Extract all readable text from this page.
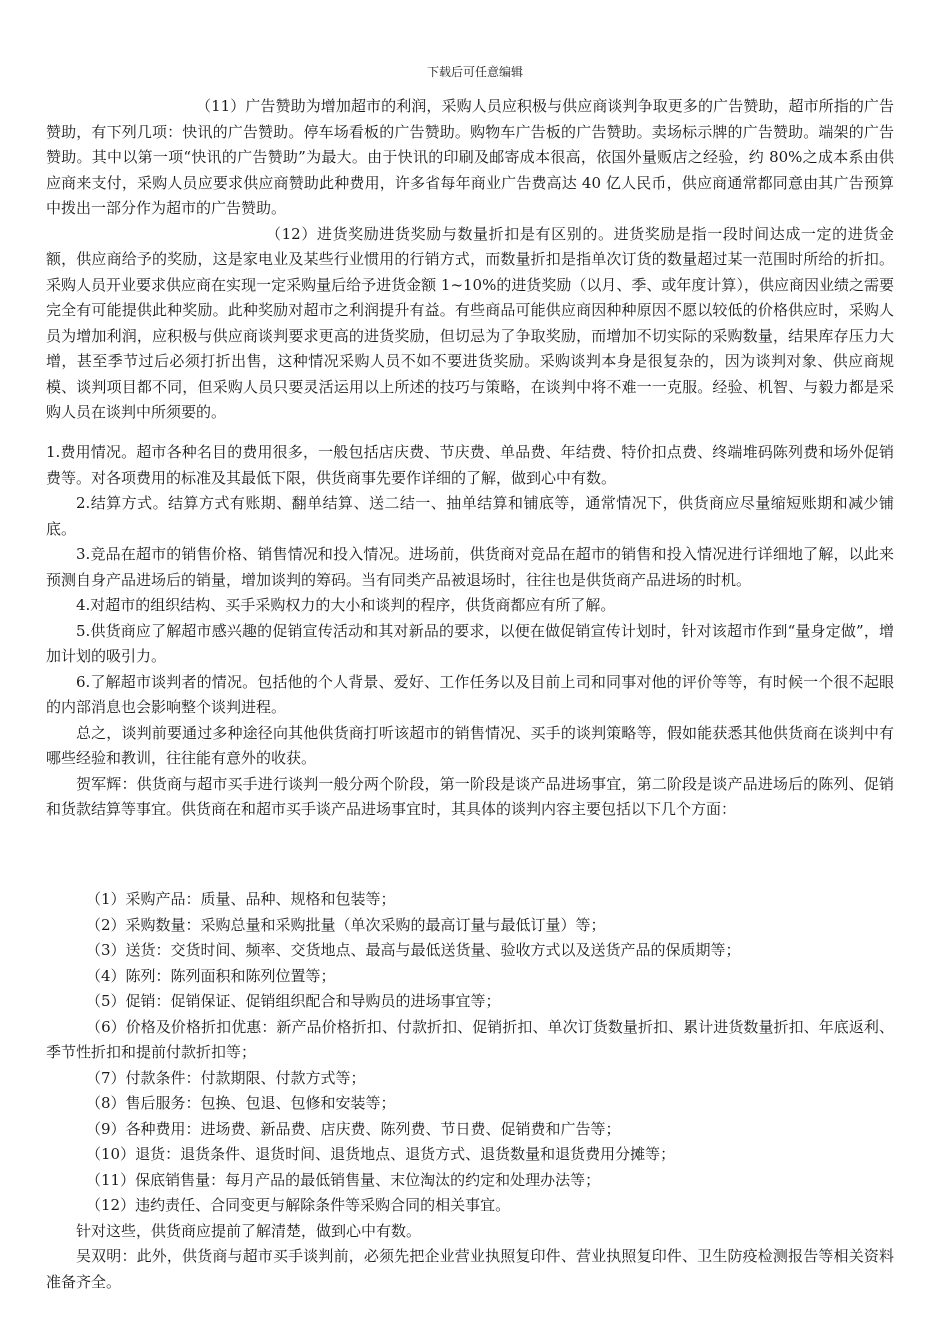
下载后可任意编辑

（11）广告赞助为增加超市的利润，采购人员应积极与供应商谈判争取更多的广告赞助，超市所指的广告赞助，有下列几项：快讯的广告赞助。停车场看板的广告赞助。购物车广告板的广告赞助。卖场标示牌的广告赞助。端架的广告赞助。其中以第一项“快讯的广告赞助”为最大。由于快讯的印刷及邮寄成本很高，依国外量贩店之经验，约 80%之成本系由供应商来支付，采购人员应要求供应商赞助此种费用，许多省每年商业广告费高达 40 亿人民币，供应商通常都同意由其广告预算中拨出一部分作为超市的广告赞助。

（12）进货奖励进货奖励与数量折扣是有区别的。进货奖励是指一段时间达成一定的进货金额，供应商给予的奖励，这是家电业及某些行业惯用的行销方式，而数量折扣是指单次订货的数量超过某一范围时所给的折扣。采购人员开业要求供应商在实现一定采购量后给予进货金额 1~10%的进货奖励（以月、季、或年度计算），供应商因业绩之需要完全有可能提供此种奖励。此种奖励对超市之利润提升有益。有些商品可能供应商因种种原因不愿以较低的价格供应时，采购人员为增加利润，应积极与供应商谈判要求更高的进货奖励，但切忌为了争取奖励，而增加不切实际的采购数量，结果库存压力大增，甚至季节过后必须打折出售，这种情况采购人员不如不要进货奖励。采购谈判本身是很复杂的，因为谈判对象、供应商规模、谈判项目都不同，但采购人员只要灵活运用以上所述的技巧与策略，在谈判中将不难一一克服。经验、机智、与毅力都是采购人员在谈判中所须要的。

1.费用情况。超市各种名目的费用很多，一般包括店庆费、节庆费、单品费、年结费、特价扣点费、终端堆码陈列费和场外促销费等。对各项费用的标准及其最低下限，供货商事先要作详细的了解，做到心中有数。

2.结算方式。结算方式有账期、翻单结算、送二结一、抽单结算和铺底等，通常情况下，供货商应尽量缩短账期和减少铺底。

3.竞品在超市的销售价格、销售情况和投入情况。进场前，供货商对竞品在超市的销售和投入情况进行详细地了解，以此来预测自身产品进场后的销量，增加谈判的筹码。当有同类产品被退场时，往往也是供货商产品进场的时机。

4.对超市的组织结构、买手采购权力的大小和谈判的程序，供货商都应有所了解。

5.供货商应了解超市感兴趣的促销宣传活动和其对新品的要求，以便在做促销宣传计划时，针对该超市作到“量身定做”，增加计划的吸引力。

6.了解超市谈判者的情况。包括他的个人背景、爱好、工作任务以及目前上司和同事对他的评价等等，有时候一个很不起眼的内部消息也会影响整个谈判进程。

总之，谈判前要通过多种途径向其他供货商打听该超市的销售情况、买手的谈判策略等，假如能获悉其他供货商在谈判中有哪些经验和教训，往往能有意外的收获。

贺军辉：供货商与超市买手进行谈判一般分两个阶段，第一阶段是谈产品进场事宜，第二阶段是谈产品进场后的陈列、促销和货款结算等事宜。供货商在和超市买手谈产品进场事宜时，其具体的谈判内容主要包括以下几个方面：

（1）采购产品：质量、品种、规格和包装等；

（2）采购数量：采购总量和采购批量（单次采购的最高订量与最低订量）等；

（3）送货：交货时间、频率、交货地点、最高与最低送货量、验收方式以及送货产品的保质期等；

（4）陈列：陈列面积和陈列位置等；

（5）促销：促销保证、促销组织配合和导购员的进场事宜等；

（6）价格及价格折扣优惠：新产品价格折扣、付款折扣、促销折扣、单次订货数量折扣、累计进货数量折扣、年底返利、季节性折扣和提前付款折扣等；

（7）付款条件：付款期限、付款方式等；

（8）售后服务：包换、包退、包修和安装等；

（9）各种费用：进场费、新品费、店庆费、陈列费、节日费、促销费和广告等；

（10）退货：退货条件、退货时间、退货地点、退货方式、退货数量和退货费用分摊等；

（11）保底销售量：每月产品的最低销售量、末位淘汰的约定和处理办法等；

（12）违约责任、合同变更与解除条件等采购合同的相关事宜。

针对这些，供货商应提前了解清楚，做到心中有数。

吴双明：此外，供货商与超市买手谈判前，必须先把企业营业执照复印件、营业执照复印件、卫生防疫检测报告等相关资料准备齐全。
